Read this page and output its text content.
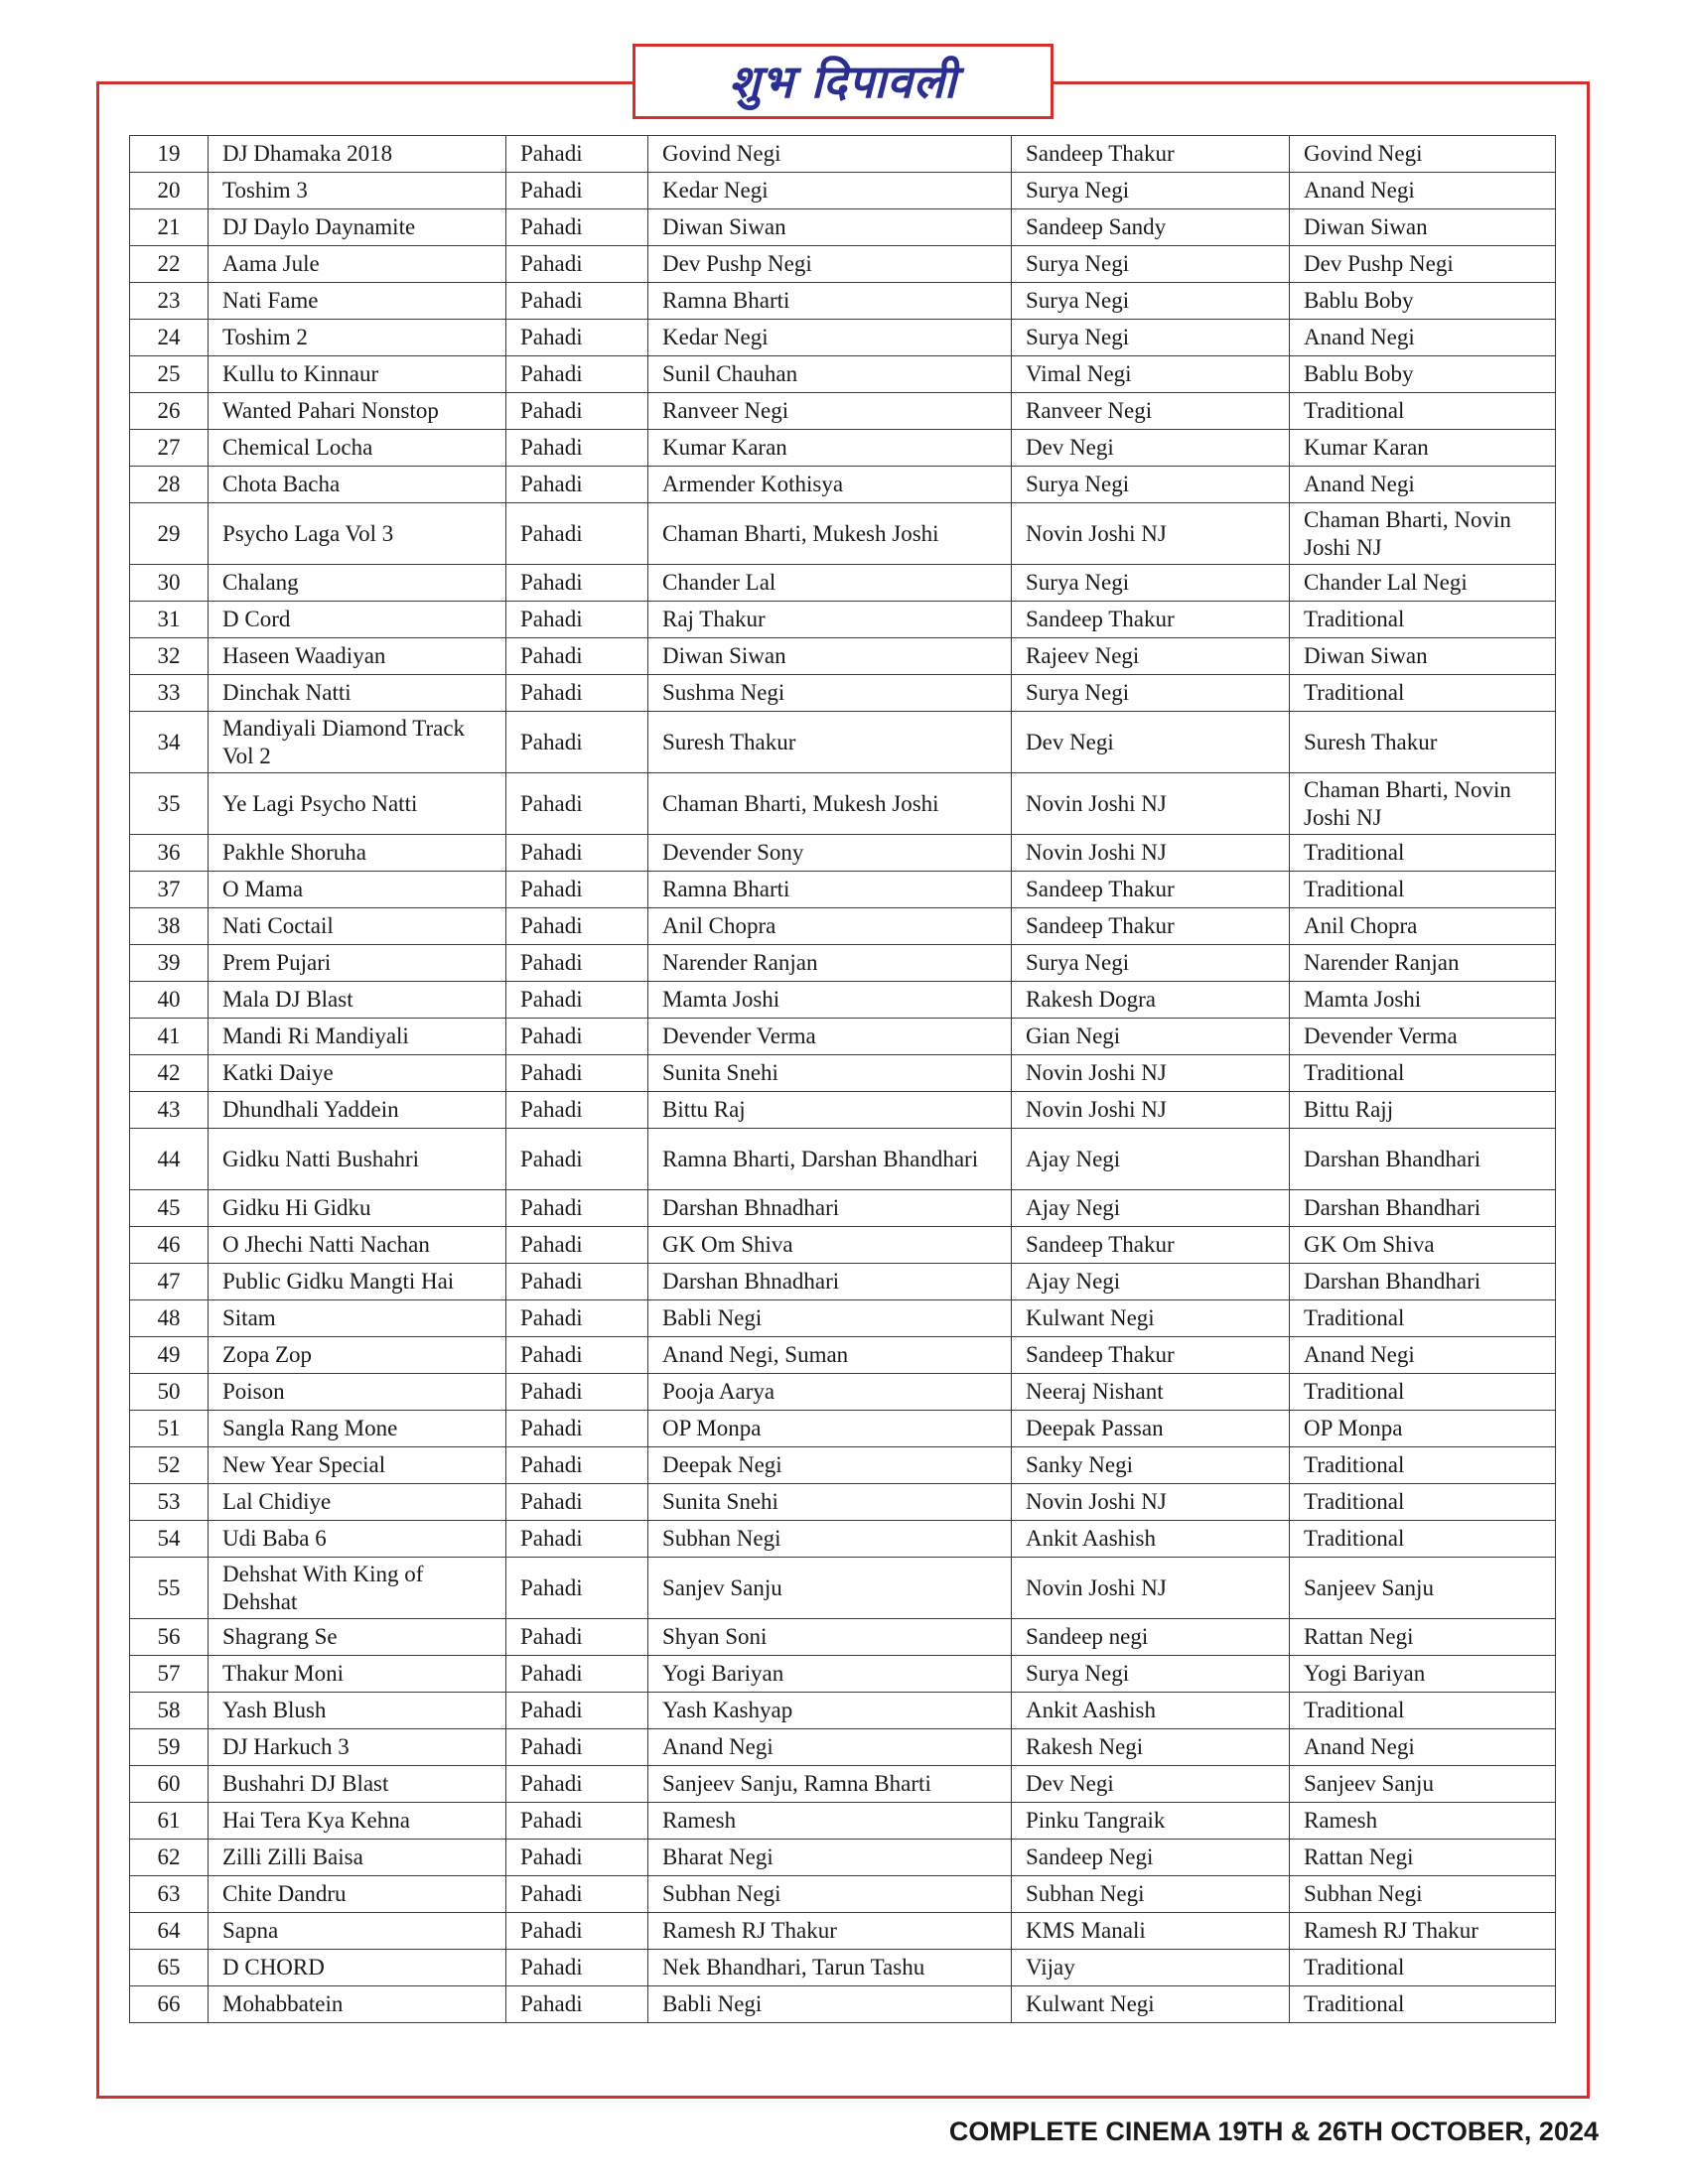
शुभ दिपावली
19	DJ Dhamaka 2018	Pahadi	Govind Negi	Sandeep Thakur	Govind Negi
20	Toshim 3	Pahadi	Kedar Negi	Surya Negi	Anand Negi
21	DJ Daylo Daynamite	Pahadi	Diwan Siwan	Sandeep Sandy	Diwan Siwan
22	Aama Jule	Pahadi	Dev Pushp Negi	Surya Negi	Dev Pushp Negi
23	Nati Fame	Pahadi	Ramna Bharti	Surya Negi	Bablu Boby
24	Toshim 2	Pahadi	Kedar Negi	Surya Negi	Anand Negi
25	Kullu to Kinnaur	Pahadi	Sunil Chauhan	Vimal Negi	Bablu Boby
26	Wanted Pahari Nonstop	Pahadi	Ranveer Negi	Ranveer Negi	Traditional
27	Chemical Locha	Pahadi	Kumar Karan	Dev Negi	Kumar Karan
28	Chota Bacha	Pahadi	Armender Kothisya	Surya Negi	Anand Negi
29	Psycho Laga Vol 3	Pahadi	Chaman Bharti, Mukesh Joshi	Novin Joshi NJ	Chaman Bharti, Novin Joshi NJ
30	Chalang	Pahadi	Chander Lal	Surya Negi	Chander Lal Negi
31	D Cord	Pahadi	Raj Thakur	Sandeep Thakur	Traditional
32	Haseen Waadiyan	Pahadi	Diwan Siwan	Rajeev Negi	Diwan Siwan
33	Dinchak Natti	Pahadi	Sushma Negi	Surya Negi	Traditional
34	Mandiyali Diamond Track Vol 2	Pahadi	Suresh Thakur	Dev Negi	Suresh Thakur
35	Ye Lagi Psycho Natti	Pahadi	Chaman Bharti, Mukesh Joshi	Novin Joshi NJ	Chaman Bharti, Novin Joshi NJ
36	Pakhle Shoruha	Pahadi	Devender Sony	Novin Joshi NJ	Traditional
37	O Mama	Pahadi	Ramna Bharti	Sandeep Thakur	Traditional
38	Nati Coctail	Pahadi	Anil Chopra	Sandeep Thakur	Anil Chopra
39	Prem Pujari	Pahadi	Narender Ranjan	Surya Negi	Narender Ranjan
40	Mala DJ Blast	Pahadi	Mamta Joshi	Rakesh Dogra	Mamta Joshi
41	Mandi Ri Mandiyali	Pahadi	Devender Verma	Gian Negi	Devender Verma
42	Katki Daiye	Pahadi	Sunita Snehi	Novin Joshi NJ	Traditional
43	Dhundhali Yaddein	Pahadi	Bittu Raj	Novin Joshi NJ	Bittu Rajj
44	Gidku Natti Bushahri	Pahadi	Ramna Bharti, Darshan Bhandhari	Ajay Negi	Darshan Bhandhari
45	Gidku Hi Gidku	Pahadi	Darshan Bhnadhari	Ajay Negi	Darshan Bhandhari
46	O Jhechi Natti Nachan	Pahadi	GK Om Shiva	Sandeep Thakur	GK Om Shiva
47	Public Gidku Mangti Hai	Pahadi	Darshan Bhnadhari	Ajay Negi	Darshan Bhandhari
48	Sitam	Pahadi	Babli Negi	Kulwant Negi	Traditional
49	Zopa Zop	Pahadi	Anand Negi, Suman	Sandeep Thakur	Anand Negi
50	Poison	Pahadi	Pooja Aarya	Neeraj Nishant	Traditional
51	Sangla Rang Mone	Pahadi	OP Monpa	Deepak Passan	OP Monpa
52	New Year Special	Pahadi	Deepak Negi	Sanky Negi	Traditional
53	Lal Chidiye	Pahadi	Sunita Snehi	Novin Joshi NJ	Traditional
54	Udi Baba 6	Pahadi	Subhan Negi	Ankit Aashish	Traditional
55	Dehshat With King of Dehshat	Pahadi	Sanjev Sanju	Novin Joshi NJ	Sanjeev Sanju
56	Shagrang Se	Pahadi	Shyan Soni	Sandeep negi	Rattan Negi
57	Thakur Moni	Pahadi	Yogi Bariyan	Surya Negi	Yogi Bariyan
58	Yash Blush	Pahadi	Yash Kashyap	Ankit Aashish	Traditional
59	DJ Harkuch 3	Pahadi	Anand Negi	Rakesh Negi	Anand Negi
60	Bushahri DJ Blast	Pahadi	Sanjeev Sanju, Ramna Bharti	Dev Negi	Sanjeev Sanju
61	Hai Tera Kya Kehna	Pahadi	Ramesh	Pinku Tangraik	Ramesh
62	Zilli Zilli Baisa	Pahadi	Bharat Negi	Sandeep Negi	Rattan Negi
63	Chite Dandru	Pahadi	Subhan Negi	Subhan Negi	Subhan Negi
64	Sapna	Pahadi	Ramesh RJ Thakur	KMS Manali	Ramesh RJ Thakur
65	D CHORD	Pahadi	Nek Bhandhari, Tarun Tashu	Vijay	Traditional
66	Mohabbatein	Pahadi	Babli Negi	Kulwant Negi	Traditional
COMPLETE CINEMA 19TH & 26TH OCTOBER, 2024
